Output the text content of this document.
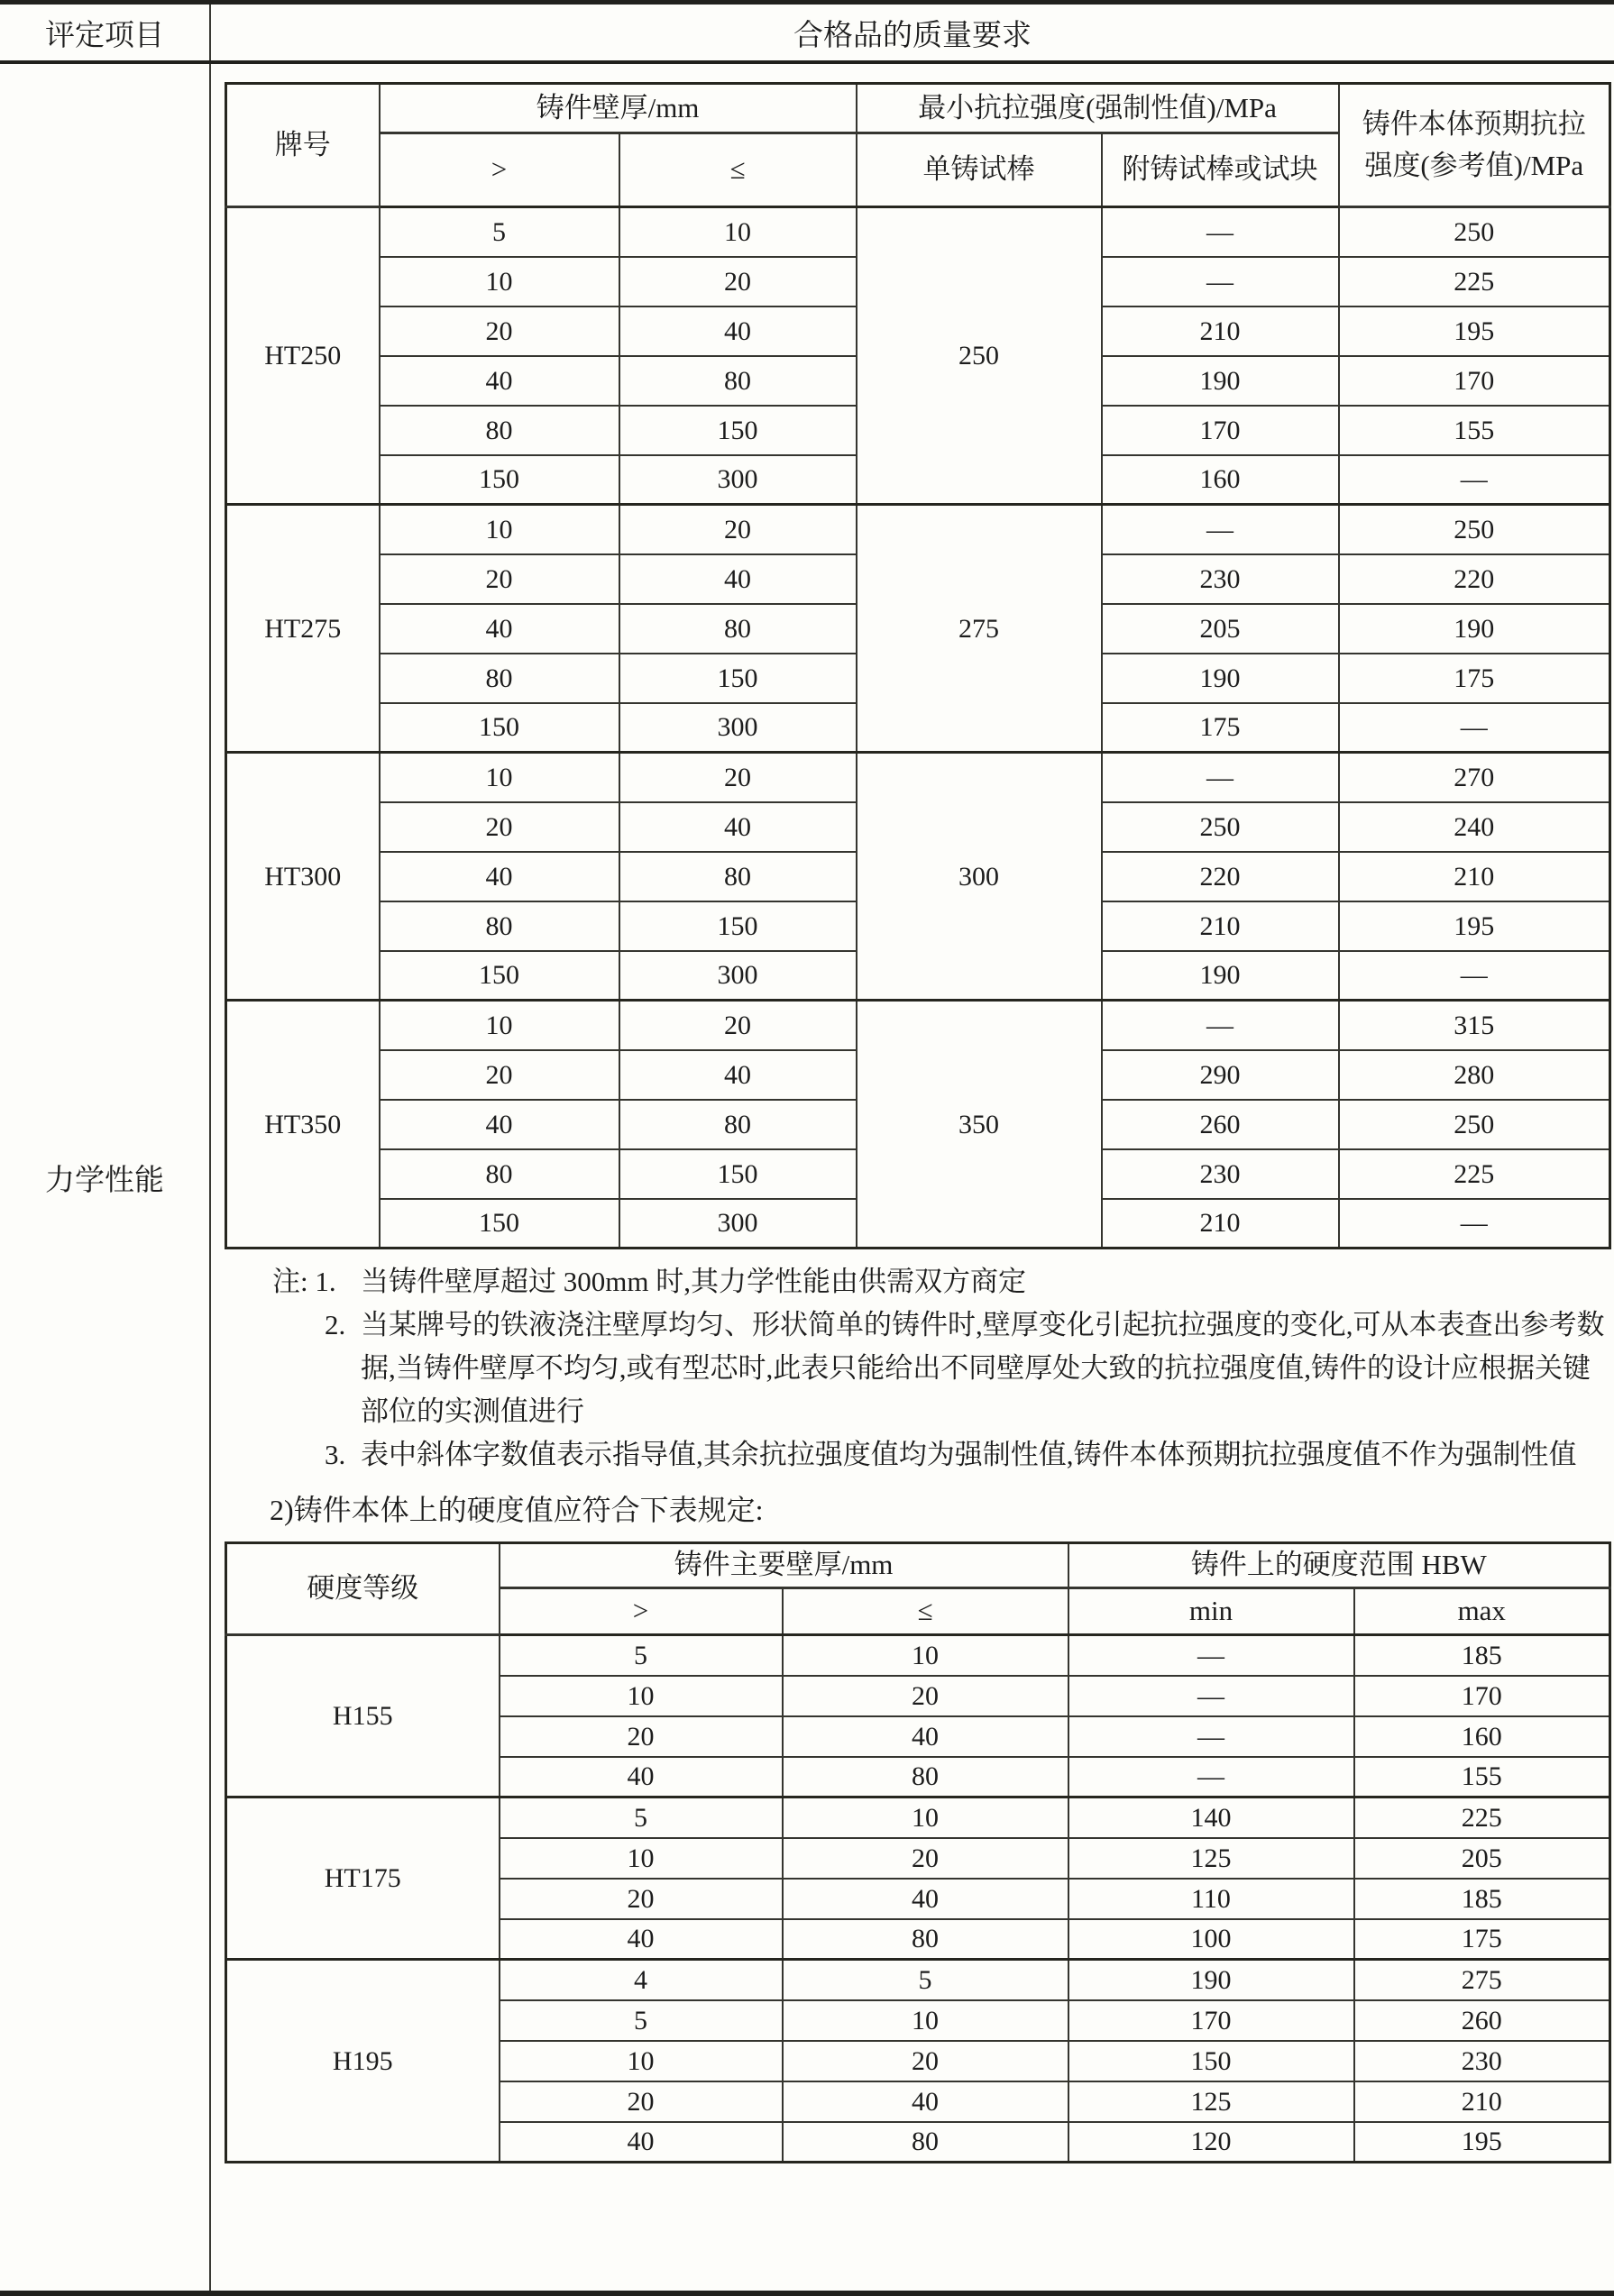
评定项目	合格品的质量要求
力学性能
牌号	铸件壁厚/mm		最小抗拉强度(强制性值)/MPa		铸件本体预期抗拉强度(参考值)/MPa
	>	≤	单铸试棒	附铸试棒或试块	
HT250	5	10	250	—	250
	10	20		—	225
	20	40		210	195
	40	80		190	170
	80	150		170	155
	150	300		160	—
HT275	10	20	275	—	250
	20	40		230	220
	40	80		205	190
	80	150		190	175
	150	300		175	—
HT300	10	20	300	—	270
	20	40		250	240
	40	80		220	210
	80	150		210	195
	150	300		190	—
HT350	10	20	350	—	315
	20	40		290	280
	40	80		260	250
	80	150		230	225
	150	300		210	—
注: 1. 当铸件壁厚超过 300mm 时,其力学性能由供需双方商定
2. 当某牌号的铁液浇注壁厚均匀、形状简单的铸件时,壁厚变化引起抗拉强度的变化,可从本表查出参考数据,当铸件壁厚不均匀,或有型芯时,此表只能给出不同壁厚处大致的抗拉强度值,铸件的设计应根据关键部位的实测值进行
3. 表中斜体字数值表示指导值,其余抗拉强度值均为强制性值,铸件本体预期抗拉强度值不作为强制性值
2)铸件本体上的硬度值应符合下表规定:
硬度等级	铸件主要壁厚/mm		铸件上的硬度范围 HBW	
	>	≤	min	max
H155	5	10	—	185
	10	20	—	170
	20	40	—	160
	40	80	—	155
HT175	5	10	140	225
	10	20	125	205
	20	40	110	185
	40	80	100	175
H195	4	5	190	275
	5	10	170	260
	10	20	150	230
	20	40	125	210
	40	80	120	195
